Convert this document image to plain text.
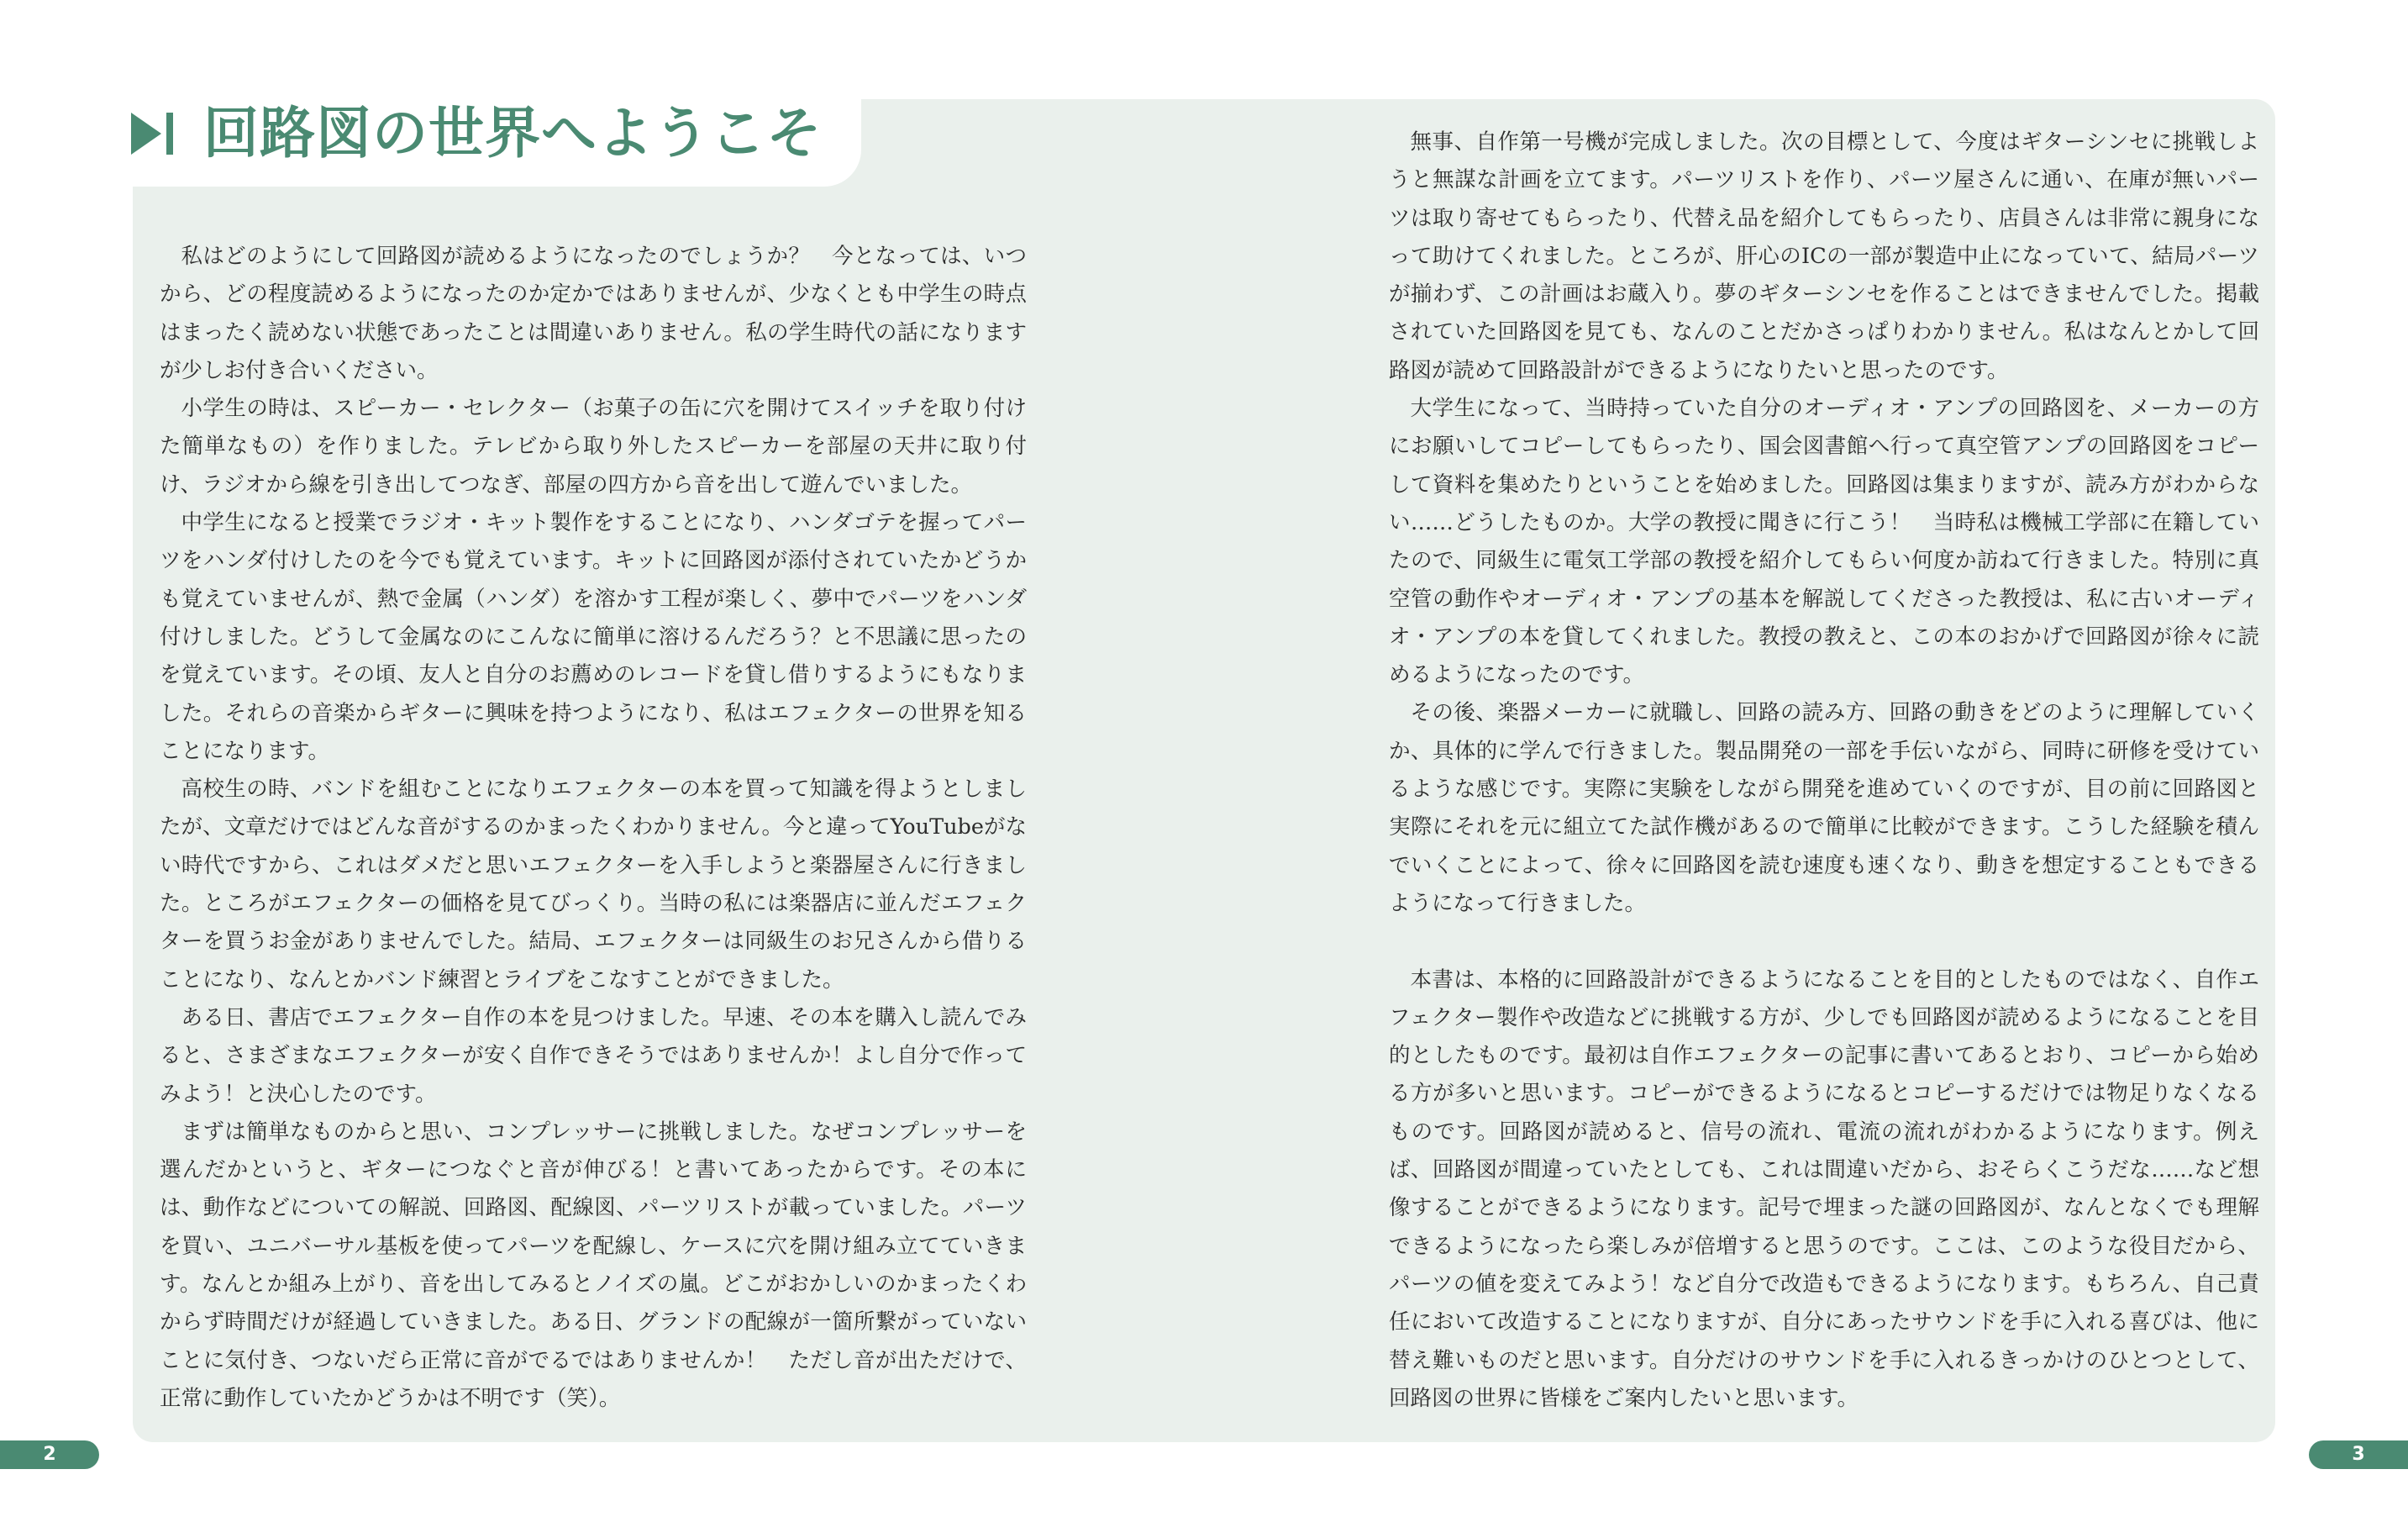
回路図の世界へようこそ

私はどのようにして回路図が読めるようになったのでしょうか？　今となっては、いつから、どの程度読めるようになったのか定かではありませんが、少なくとも中学生の時点はまったく読めない状態であったことは間違いありません。私の学生時代の話になりますが少しお付き合いください。

小学生の時は、スピーカー・セレクター（お菓子の缶に穴を開けてスイッチを取り付けた簡単なもの）を作りました。テレビから取り外したスピーカーを部屋の天井に取り付け、ラジオから線を引き出してつなぎ、部屋の四方から音を出して遊んでいました。

中学生になると授業でラジオ・キット製作をすることになり、ハンダゴテを握ってパーツをハンダ付けしたのを今でも覚えています。キットに回路図が添付されていたかどうかも覚えていませんが、熱で金属（ハンダ）を溶かす工程が楽しく、夢中でパーツをハンダ付けしました。どうして金属なのにこんなに簡単に溶けるんだろう？と不思議に思ったのを覚えています。その頃、友人と自分のお薦めのレコードを貸し借りするようにもなりました。それらの音楽からギターに興味を持つようになり、私はエフェクターの世界を知ることになります。

高校生の時、バンドを組むことになりエフェクターの本を買って知識を得ようとしましたが、文章だけではどんな音がするのかまったくわかりません。今と違ってYouTubeがない時代ですから、これはダメだと思いエフェクターを入手しようと楽器屋さんに行きました。ところがエフェクターの価格を見てびっくり。当時の私には楽器店に並んだエフェクターを買うお金がありませんでした。結局、エフェクターは同級生のお兄さんから借りることになり、なんとかバンド練習とライブをこなすことができました。

ある日、書店でエフェクター自作の本を見つけました。早速、その本を購入し読んでみると、さまざまなエフェクターが安く自作できそうではありませんか！よし自分で作ってみよう！と決心したのです。

まずは簡単なものからと思い、コンプレッサーに挑戦しました。なぜコンプレッサーを選んだかというと、ギターにつなぐと音が伸びる！と書いてあったからです。その本には、動作などについての解説、回路図、配線図、パーツリストが載っていました。パーツを買い、ユニバーサル基板を使ってパーツを配線し、ケースに穴を開け組み立てていきます。なんとか組み上がり、音を出してみるとノイズの嵐。どこがおかしいのかまったくわからず時間だけが経過していきました。ある日、グランドの配線が一箇所繋がっていないことに気付き、つないだら正常に音がでるではありませんか！　ただし音が出ただけで、正常に動作していたかどうかは不明です（笑）。

無事、自作第一号機が完成しました。次の目標として、今度はギターシンセに挑戦しようと無謀な計画を立てます。パーツリストを作り、パーツ屋さんに通い、在庫が無いパーツは取り寄せてもらったり、代替え品を紹介してもらったり、店員さんは非常に親身になって助けてくれました。ところが、肝心のICの一部が製造中止になっていて、結局パーツが揃わず、この計画はお蔵入り。夢のギターシンセを作ることはできませんでした。掲載されていた回路図を見ても、なんのことだかさっぱりわかりません。私はなんとかして回路図が読めて回路設計ができるようになりたいと思ったのです。

大学生になって、当時持っていた自分のオーディオ・アンプの回路図を、メーカーの方にお願いしてコピーしてもらったり、国会図書館へ行って真空管アンプの回路図をコピーして資料を集めたりということを始めました。回路図は集まりますが、読み方がわからない……どうしたものか。大学の教授に聞きに行こう！　当時私は機械工学部に在籍していたので、同級生に電気工学部の教授を紹介してもらい何度か訪ねて行きました。特別に真空管の動作やオーディオ・アンプの基本を解説してくださった教授は、私に古いオーディオ・アンプの本を貸してくれました。教授の教えと、この本のおかげで回路図が徐々に読めるようになったのです。

その後、楽器メーカーに就職し、回路の読み方、回路の動きをどのように理解していくか、具体的に学んで行きました。製品開発の一部を手伝いながら、同時に研修を受けているような感じです。実際に実験をしながら開発を進めていくのですが、目の前に回路図と実際にそれを元に組立てた試作機があるので簡単に比較ができます。こうした経験を積んでいくことによって、徐々に回路図を読む速度も速くなり、動きを想定することもできるようになって行きました。

本書は、本格的に回路設計ができるようになることを目的としたものではなく、自作エフェクター製作や改造などに挑戦する方が、少しでも回路図が読めるようになることを目的としたものです。最初は自作エフェクターの記事に書いてあるとおり、コピーから始める方が多いと思います。コピーができるようになるとコピーするだけでは物足りなくなるものです。回路図が読めると、信号の流れ、電流の流れがわかるようになります。例えば、回路図が間違っていたとしても、これは間違いだから、おそらくこうだな……など想像することができるようになります。記号で埋まった謎の回路図が、なんとなくでも理解できるようになったら楽しみが倍増すると思うのです。ここは、このような役目だから、パーツの値を変えてみよう！など自分で改造もできるようになります。もちろん、自己責任において改造することになりますが、自分にあったサウンドを手に入れる喜びは、他に替え難いものだと思います。自分だけのサウンドを手に入れるきっかけのひとつとして、回路図の世界に皆様をご案内したいと思います。

2	3
